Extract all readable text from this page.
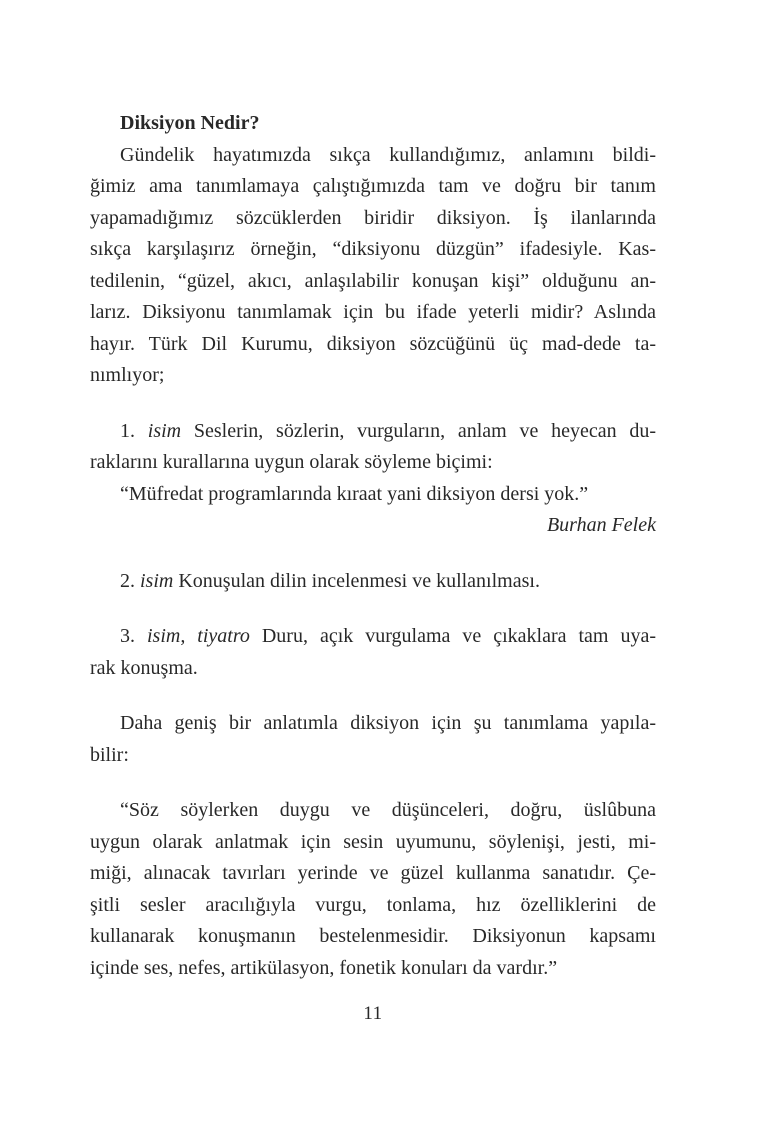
Diksiyon Nedir?
Gündelik hayatımızda sıkça kullandığımız, anlamını bildi-
ğimiz ama tanımlamaya çalıştığımızda tam ve doğru bir tanım
yapamadığımız sözcüklerden biridir diksiyon. İş ilanlarında
sıkça karşılaşırız örneğin, “diksiyonu düzgün” ifadesiyle. Kas-
tedilenin, “güzel, akıcı, anlaşılabilir konuşan kişi” olduğunu an-
larız. Diksiyonu tanımlamak için bu ifade yeterli midir? Aslında
hayır. Türk Dil Kurumu, diksiyon sözcüğünü üç mad-dede ta-
nımlıyor;
1. isim Seslerin, sözlerin, vurguların, anlam ve heyecan du-
raklarını kurallarına uygun olarak söyleme biçimi:
“Müfredat programlarında kıraat yani diksiyon dersi yok.”
Burhan Felek
2. isim Konuşulan dilin incelenmesi ve kullanılması.
3. isim, tiyatro Duru, açık vurgulama ve çıkaklara tam uya-
rak konuşma.
Daha geniş bir anlatımla diksiyon için şu tanımlama yapıla-
bilir:
“Söz söylerken duygu ve düşünceleri, doğru, üslûbuna
uygun olarak anlatmak için sesin uyumunu, söylenişi, jesti, mi-
miği, alınacak tavırları yerinde ve güzel kullanma sanatıdır. Çe-
şitli sesler aracılığıyla vurgu, tonlama, hız özelliklerini de
kullanarak konuşmanın bestelenmesidir. Diksiyonun kapsamı
içinde ses, nefes, artikülasyon, fonetik konuları da vardır.”
11
